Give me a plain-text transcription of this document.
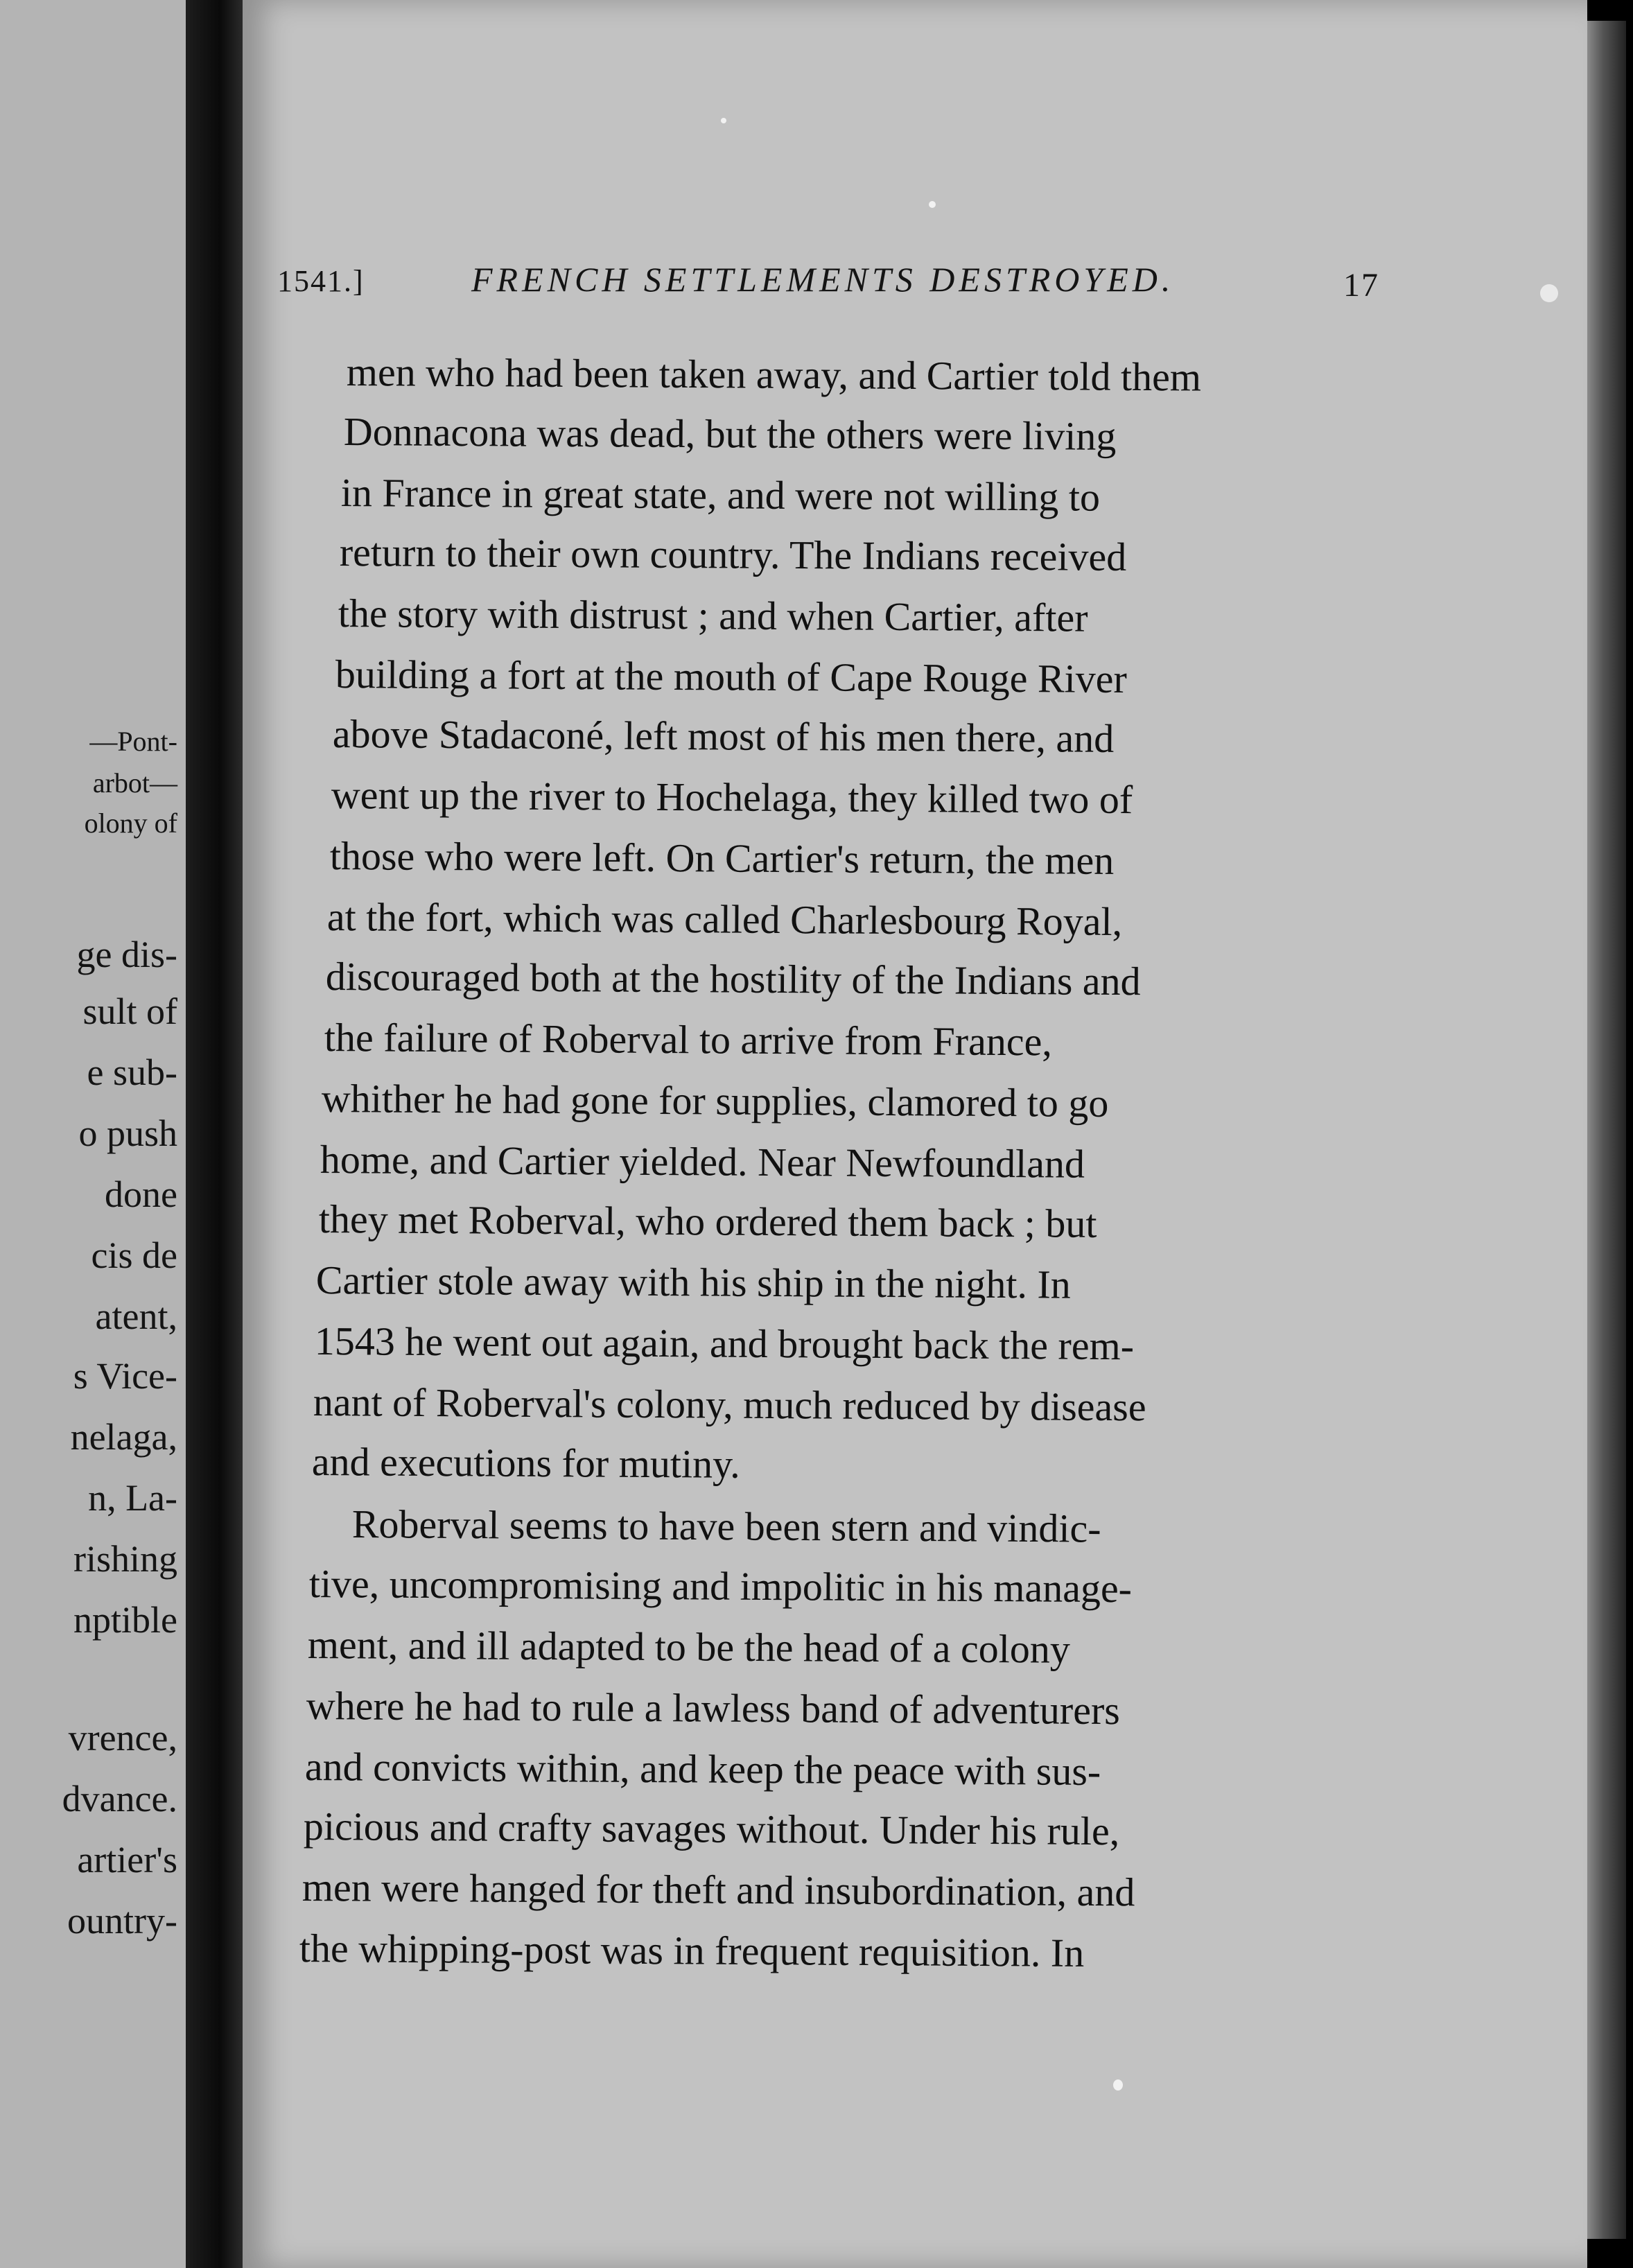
—Pont-
arbot—
olony of
ge dis-
sult of
e sub-
o push
done
cis de
atent,
s Vice-
nelaga,
n, La-
rishing
nptible
vrence,
dvance.
artier's
ountry-
1541.]	FRENCH SETTLEMENTS DESTROYED.	17
men who had been taken away, and Cartier told them
Donnacona was dead, but the others were living
in France in great state, and were not willing to
return to their own country. The Indians received
the story with distrust ; and when Cartier, after
building a fort at the mouth of Cape Rouge River
above Stadaconé, left most of his men there, and
went up the river to Hochelaga, they killed two of
those who were left. On Cartier's return, the men
at the fort, which was called Charlesbourg Royal,
discouraged both at the hostility of the Indians and
the failure of Roberval to arrive from France,
whither he had gone for supplies, clamored to go
home, and Cartier yielded. Near Newfoundland
they met Roberval, who ordered them back ; but
Cartier stole away with his ship in the night. In
1543 he went out again, and brought back the rem-
nant of Roberval's colony, much reduced by disease
and executions for mutiny.
Roberval seems to have been stern and vindic-
tive, uncompromising and impolitic in his manage-
ment, and ill adapted to be the head of a colony
where he had to rule a lawless band of adventurers
and convicts within, and keep the peace with sus-
picious and crafty savages without. Under his rule,
men were hanged for theft and insubordination, and
the whipping-post was in frequent requisition. In
